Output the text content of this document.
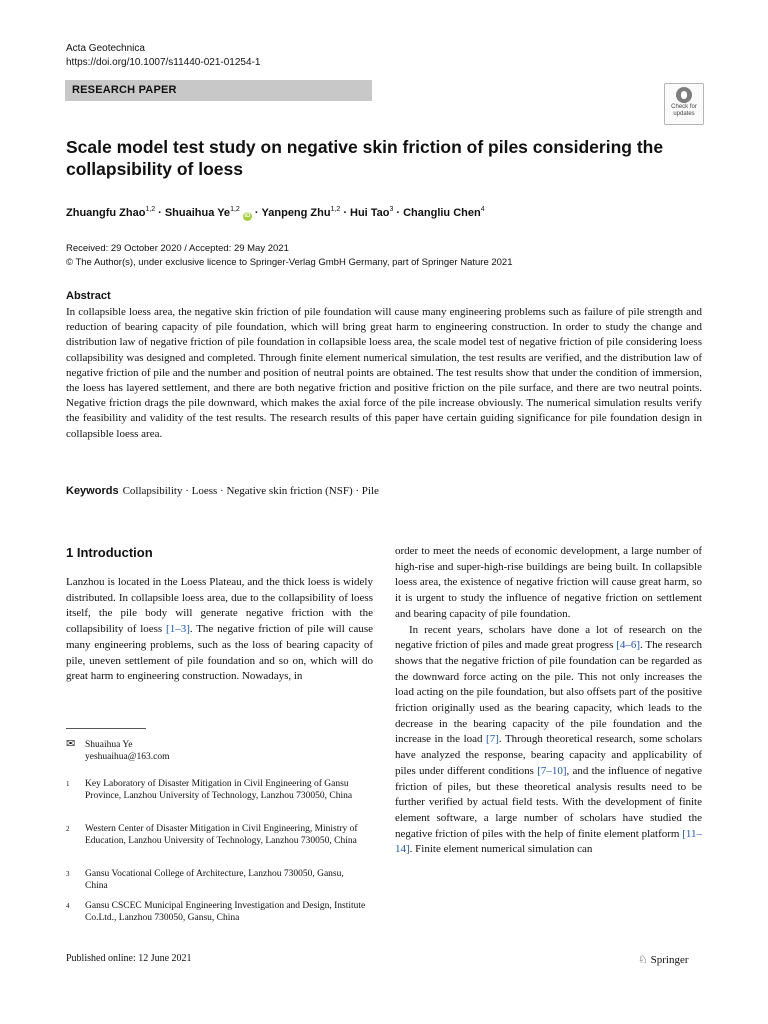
Acta Geotechnica
https://doi.org/10.1007/s11440-021-01254-1
RESEARCH PAPER
Check for
updates
Scale model test study on negative skin friction of piles considering the collapsibility of loess
Zhuangfu Zhao$^{1,2}$ · Shuaihua Ye$^{1,2}$ iD · Yanpeng Zhu$^{1,2}$ · Hui Tao$^3$ · Changliu Chen$^4$
Received: 29 October 2020 / Accepted: 29 May 2021
© The Author(s), under exclusive licence to Springer-Verlag GmbH Germany, part of Springer Nature 2021
Abstract
In collapsible loess area, the negative skin friction of pile foundation will cause many engineering problems such as failure of pile strength and reduction of bearing capacity of pile foundation, which will bring great harm to engineering construction. In order to study the change and distribution law of negative friction of pile foundation in collapsible loess area, the scale model test of negative friction of pile considering loess collapsibility was designed and completed. Through finite element numerical simulation, the test results are verified, and the distribution law of negative friction of pile and the number and position of neutral points are obtained. The test results show that under the condition of immersion, the loess has layered settlement, and there are both negative friction and positive friction on the pile surface, and there are two neutral points. Negative friction drags the pile downward, which makes the axial force of the pile increase obviously. The numerical simulation results verify the feasibility and validity of the test results. The research results of this paper have certain guiding significance for pile foundation design in collapsible loess area.
Keywords Collapsibility · Loess · Negative skin friction (NSF) · Pile
1 Introduction

Lanzhou is located in the Loess Plateau, and the thick loess is widely distributed. In collapsible loess area, due to the collapsibility of loess itself, the pile body will generate negative friction with the collapsibility of loess [1–3]. The negative friction of pile will cause many engineering problems, such as the loss of bearing capacity of pile, uneven settlement of pile foundation and so on, which will do great harm to engineering construction. Nowadays, in

✉ Shuaihua Ye
yeshuaihua@163.com
1 Key Laboratory of Disaster Mitigation in Civil Engineering of Gansu Province, Lanzhou University of Technology, Lanzhou 730050, China
2 Western Center of Disaster Mitigation in Civil Engineering, Ministry of Education, Lanzhou University of Technology, Lanzhou 730050, China
3 Gansu Vocational College of Architecture, Lanzhou 730050, Gansu, China
4 Gansu CSCEC Municipal Engineering Investigation and Design, Institute Co.Ltd., Lanzhou 730050, Gansu, China

order to meet the needs of economic development, a large number of high-rise and super-high-rise buildings are being built. In collapsible loess area, the existence of negative friction will cause great harm, so it is urgent to study the influence of negative friction on settlement and bearing capacity of pile foundation.

In recent years, scholars have done a lot of research on the negative friction of piles and made great progress [4–6]. The research shows that the negative friction of pile foundation can be regarded as the downward force acting on the pile. This not only increases the load acting on the pile foundation, but also offsets part of the positive friction originally used as the bearing capacity, which leads to the decrease in the bearing capacity of the pile foundation and the increase in the load [7]. Through theoretical research, some scholars have analyzed the response, bearing capacity and applicability of piles under different conditions [7–10], and the influence of negative friction of piles, but these theoretical analysis results need to be further verified by actual field tests. With the development of finite element software, a large number of scholars have studied the negative friction of piles with the help of finite element platform [11–14]. Finite element numerical simulation can

Published online: 12 June 2021	♘ Springer
